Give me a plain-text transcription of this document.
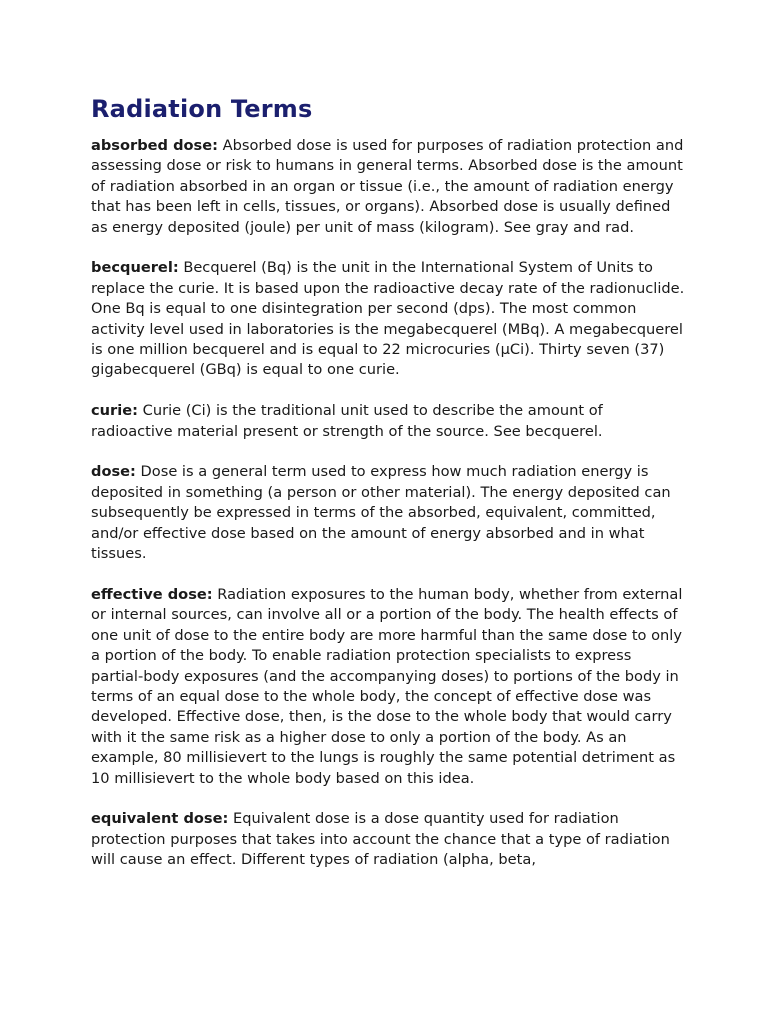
Radiation Terms

absorbed dose: Absorbed dose is used for purposes of radiation protection and assessing dose or risk to humans in general terms. Absorbed dose is the amount of radiation absorbed in an organ or tissue (i.e., the amount of radiation energy that has been left in cells, tissues, or organs). Absorbed dose is usually defined as energy deposited (joule) per unit of mass (kilogram). See gray and rad.

becquerel: Becquerel (Bq) is the unit in the International System of Units to replace the curie. It is based upon the radioactive decay rate of the radionuclide. One Bq is equal to one disintegration per second (dps). The most common activity level used in laboratories is the megabecquerel (MBq). A megabecquerel is one million becquerel and is equal to 22 microcuries (μCi). Thirty seven (37) gigabecquerel (GBq) is equal to one curie.

curie: Curie (Ci) is the traditional unit used to describe the amount of radioactive material present or strength of the source. See becquerel.

dose: Dose is a general term used to express how much radiation energy is deposited in something (a person or other material). The energy deposited can subsequently be expressed in terms of the absorbed, equivalent, committed, and/or effective dose based on the amount of energy absorbed and in what tissues.

effective dose: Radiation exposures to the human body, whether from external or internal sources, can involve all or a portion of the body. The health effects of one unit of dose to the entire body are more harmful than the same dose to only a portion of the body. To enable radiation protection specialists to express partial-body exposures (and the accompanying doses) to portions of the body in terms of an equal dose to the whole body, the concept of effective dose was developed. Effective dose, then, is the dose to the whole body that would carry with it the same risk as a higher dose to only a portion of the body. As an example, 80 millisievert to the lungs is roughly the same potential detriment as 10 millisievert to the whole body based on this idea.

equivalent dose: Equivalent dose is a dose quantity used for radiation protection purposes that takes into account the chance that a type of radiation will cause an effect. Different types of radiation (alpha, beta,
